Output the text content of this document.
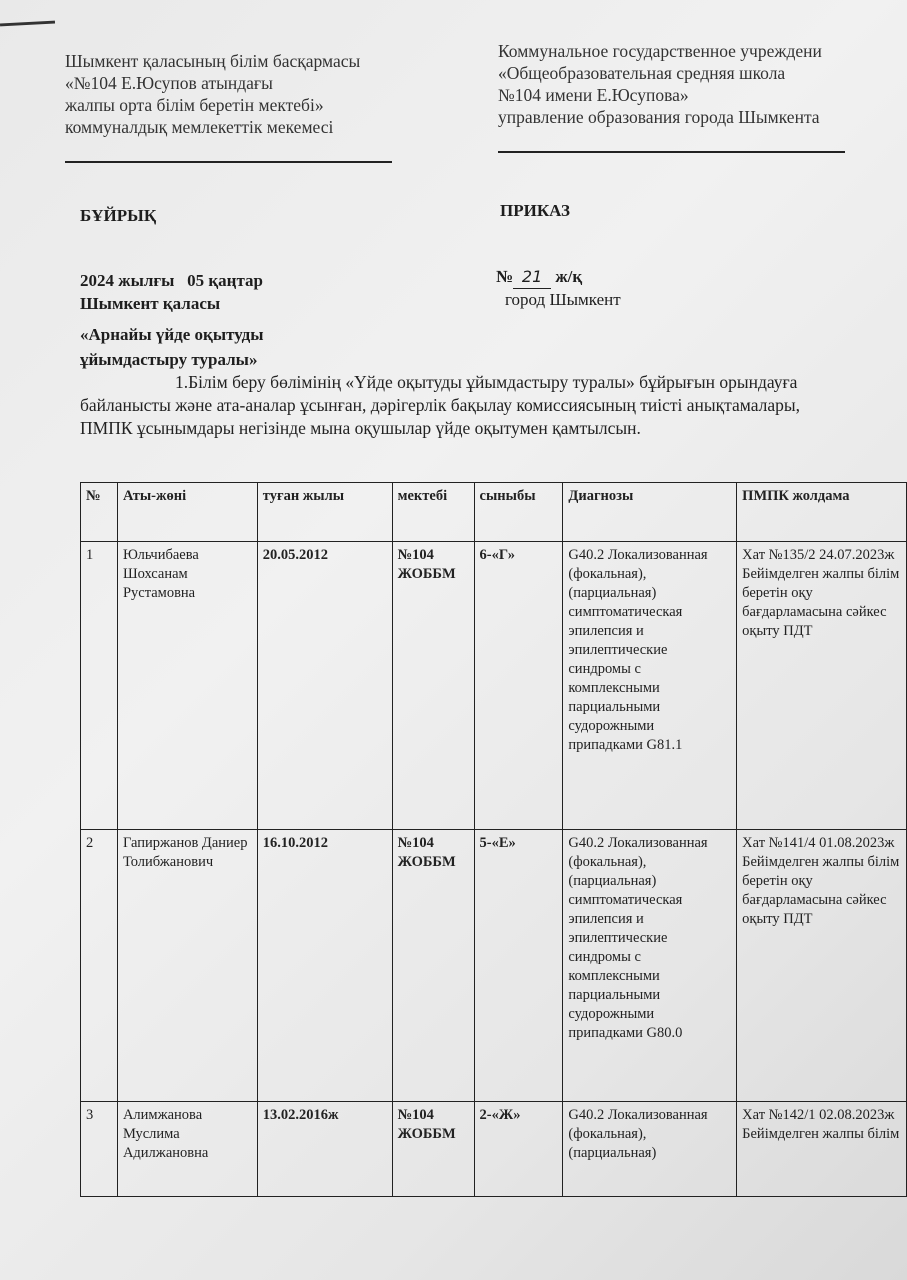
Шымкент қаласының білім басқармасы
«№104 Е.Юсупов атындағы
жалпы орта білім беретін мектебі»
коммуналдық мемлекеттік мекемесі
Коммунальное государственное учреждени
«Общеобразовательная средняя школа
№104 имени Е.Юсупова»
управление образования города Шымкента
БҰЙРЫҚ	ПРИКАЗ
2024 жылғы   05 қаңтар	№ 21 ж/қ
Шымкент қаласы	город Шымкент
«Арнайы үйде оқытуды
ұйымдастыру туралы»
1.Білім беру бөлімінің «Үйде оқытуды ұйымдастыру туралы» бұйрығын орындауға байланысты және ата-аналар ұсынған, дәрігерлік бақылау комиссиясының тиісті анықтамалары, ПМПК ұсынымдары негізінде мына оқушылар үйде оқытумен қамтылсын.
№	Аты-жөні	туған жылы	мектебі	сыныбы	Диагнозы	ПМПК жолдама
1	Юльчибаева Шохсанам Рустамовна	20.05.2012	№104 ЖОББМ	6-«Г»	G40.2 Локализованная (фокальная), (парциальная) симптоматическая эпилепсия и эпилептические синдромы с комплексными парциальными судорожными припадками G81.1	Хат №135/2 24.07.2023ж Бейімделген жалпы білім беретін оқу бағдарламасына сәйкес оқыту ПДТ
2	Гапиржанов Даниер Толибжанович	16.10.2012	№104 ЖОББМ	5-«Е»	G40.2 Локализованная (фокальная), (парциальная) симптоматическая эпилепсия и эпилептические синдромы с комплексными парциальными судорожными припадками G80.0	Хат №141/4 01.08.2023ж Бейімделген жалпы білім беретін оқу бағдарламасына сәйкес оқыту ПДТ
3	Алимжанова Муслима Адилжановна	13.02.2016ж	№104 ЖОББМ	2-«Ж»	G40.2 Локализованная (фокальная), (парциальная)	Хат №142/1 02.08.2023ж Бейімделген жалпы білім
